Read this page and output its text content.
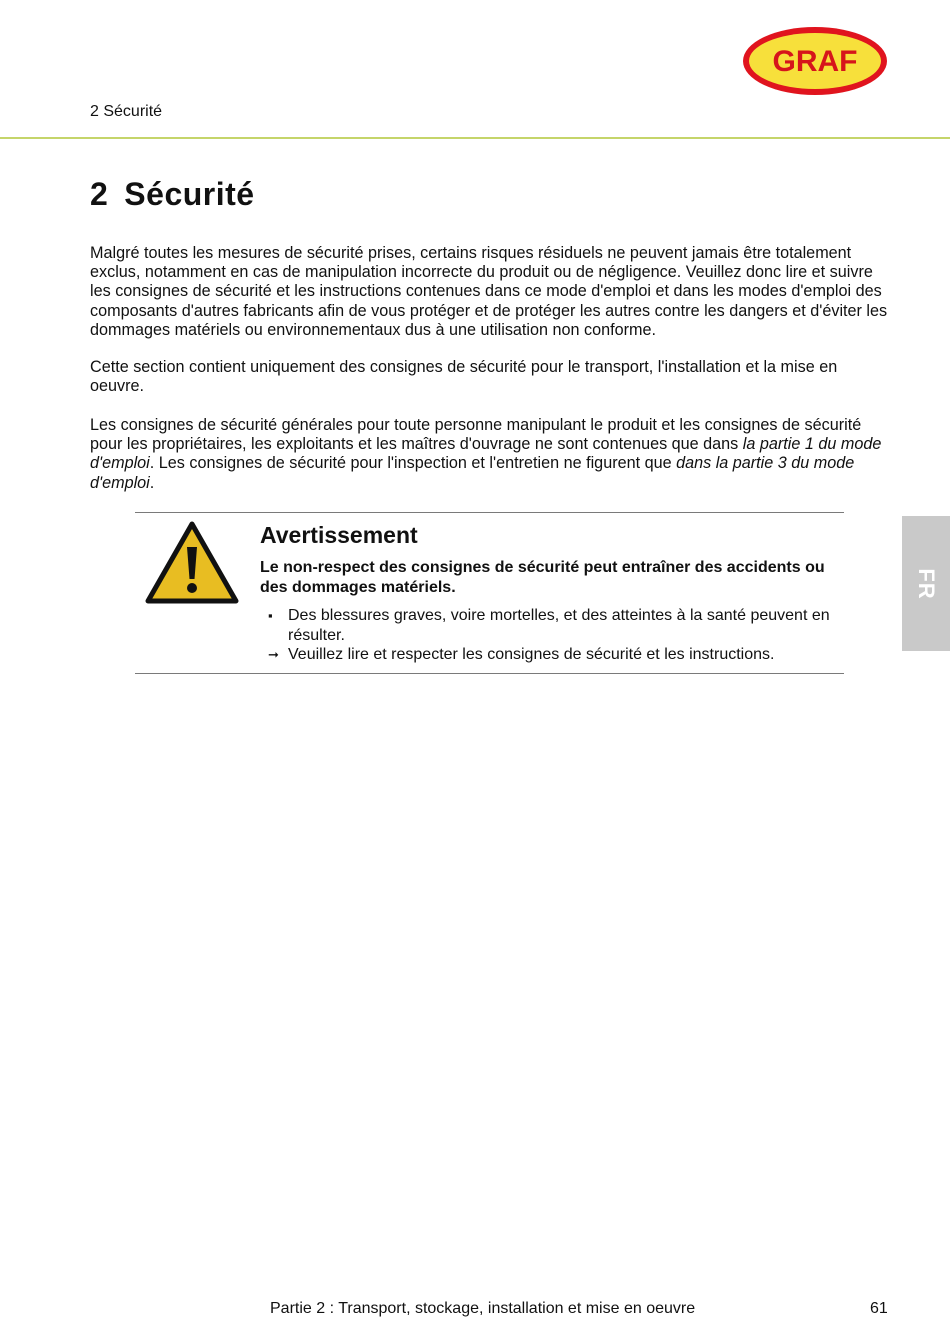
GRAF
2 Sécurité
2 Sécurité

Malgré toutes les mesures de sécurité prises, certains risques résiduels ne peuvent jamais être totalement exclus, notamment en cas de manipulation incorrecte du produit ou de négligence. Veuillez donc lire et suivre les consignes de sécurité et les instructions contenues dans ce mode d'emploi et dans les modes d'emploi des composants d'autres fabricants afin de vous protéger et de protéger les autres contre les dangers et d'éviter les dommages matériels ou environnementaux dus à une utilisation non conforme.

Cette section contient uniquement des consignes de sécurité pour le transport, l'installation et la mise en oeuvre.

Les consignes de sécurité générales pour toute personne manipulant le produit et les consignes de sécurité pour les propriétaires, les exploitants et les maîtres d'ouvrage ne sont contenues que dans la partie 1 du mode d'emploi. Les consignes de sécurité pour l'inspection et l'entretien ne figurent que dans la partie 3 du mode d'emploi.

Avertissement

Le non-respect des consignes de sécurité peut entraîner des accidents ou des dommages matériels.

▪ Des blessures graves, voire mortelles, et des atteintes à la santé peuvent en résulter.
➞ Veuillez lire et respecter les consignes de sécurité et les instructions.
FR
Partie 2 : Transport, stockage, installation et mise en oeuvre	61
